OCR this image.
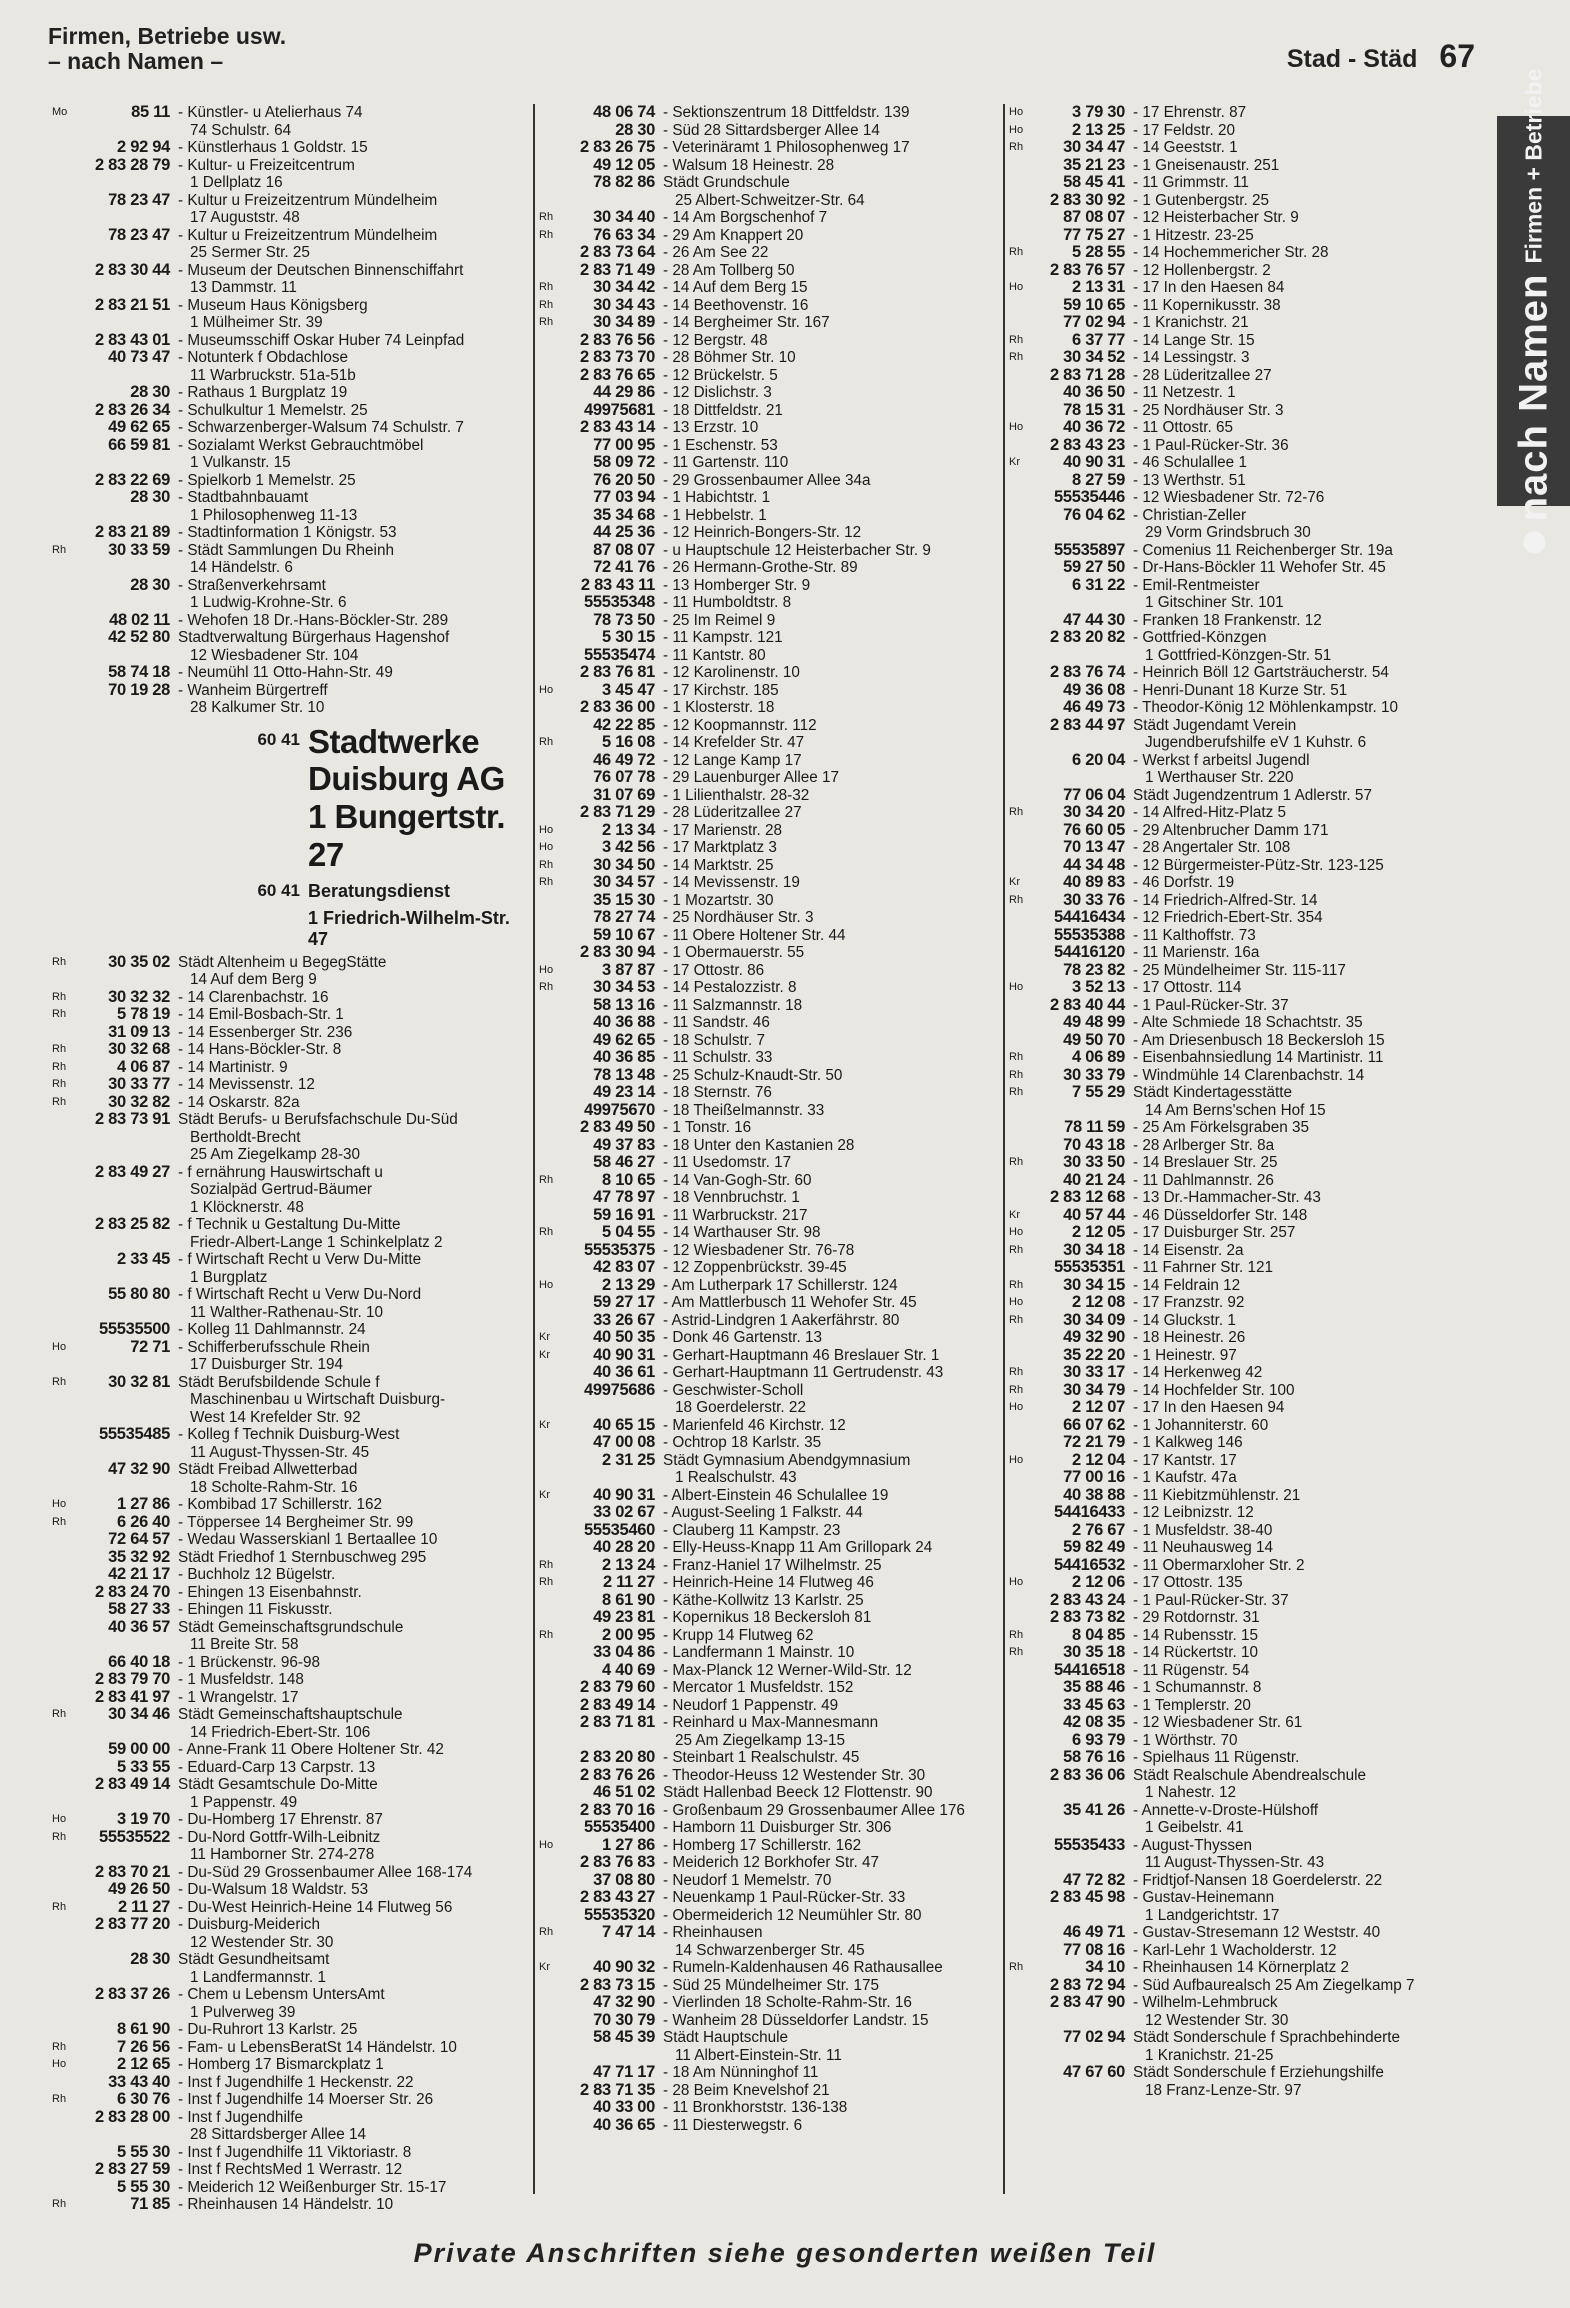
Firmen, Betriebe usw.
– nach Namen –	Stad - Städ 67
nach Namen
Firmen + Betriebe
Mo	85 11 - Künstler- u Atelierhaus 74
74 Schulstr. 64
2 92 94 - Künstlerhaus 1 Goldstr. 15
2 83 28 79 - Kultur- u Freizeitcentrum
1 Dellplatz 16
78 23 47 - Kultur u Freizeitzentrum Mündelheim
17 Auguststr. 48
78 23 47 - Kultur u Freizeitzentrum Mündelheim
25 Sermer Str. 25
2 83 30 44 - Museum der Deutschen Binnenschiffahrt
13 Dammstr. 11
2 83 21 51 - Museum Haus Königsberg
1 Mülheimer Str. 39
2 83 43 01 - Museumsschiff Oskar Huber 74 Leinpfad
40 73 47 - Notunterk f Obdachlose
11 Warbruckstr. 51a-51b
28 30 - Rathaus 1 Burgplatz 19
2 83 26 34 - Schulkultur 1 Memelstr. 25
49 62 65 - Schwarzenberger-Walsum 74 Schulstr. 7
66 59 81 - Sozialamt Werkst Gebrauchtmöbel
1 Vulkanstr. 15
2 83 22 69 - Spielkorb 1 Memelstr. 25
28 30 - Stadtbahnbauamt
1 Philosophenweg 11-13
2 83 21 89 - Stadtinformation 1 Königstr. 53
Rh	30 33 59 - Städt Sammlungen Du Rheinh
14 Händelstr. 6
28 30 - Straßenverkehrsamt
1 Ludwig-Krohne-Str. 6
48 02 11 - Wehofen 18 Dr.-Hans-Böckler-Str. 289
42 52 80 Stadtverwaltung Bürgerhaus Hagenshof
12 Wiesbadener Str. 104
58 74 18 - Neumühl 11 Otto-Hahn-Str. 49
70 19 28 - Wanheim Bürgertreff
28 Kalkumer Str. 10
60 41 Stadtwerke
Duisburg AG
1 Bungertstr. 27
60 41 Beratungsdienst
1 Friedrich-Wilhelm-Str. 47
Rh	30 35 02 Städt Altenheim u BegegStätte
14 Auf dem Berg 9
Rh	30 32 32 - 14 Clarenbachstr. 16
Rh	5 78 19 - 14 Emil-Bosbach-Str. 1
31 09 13 - 14 Essenberger Str. 236
Rh	30 32 68 - 14 Hans-Böckler-Str. 8
Rh	4 06 87 - 14 Martinistr. 9
Rh	30 33 77 - 14 Mevissenstr. 12
Rh	30 32 82 - 14 Oskarstr. 82a
2 83 73 91 Städt Berufs- u Berufsfachschule Du-Süd
Bertholdt-Brecht
25 Am Ziegelkamp 28-30
2 83 49 27 - f ernährung Hauswirtschaft u
Sozialpäd Gertrud-Bäumer
1 Klöcknerstr. 48
2 83 25 82 - f Technik u Gestaltung Du-Mitte
Friedr-Albert-Lange 1 Schinkelplatz 2
2 33 45 - f Wirtschaft Recht u Verw Du-Mitte
1 Burgplatz
55 80 80 - f Wirtschaft Recht u Verw Du-Nord
11 Walther-Rathenau-Str. 10
55535500 - Kolleg 11 Dahlmannstr. 24
Ho	72 71 - Schifferberufsschule Rhein
17 Duisburger Str. 194
Rh	30 32 81 Städt Berufsbildende Schule f
Maschinenbau u Wirtschaft Duisburg-
West 14 Krefelder Str. 92
55535485 - Kolleg f Technik Duisburg-West
11 August-Thyssen-Str. 45
47 32 90 Städt Freibad Allwetterbad
18 Scholte-Rahm-Str. 16
Ho	1 27 86 - Kombibad 17 Schillerstr. 162
Rh	6 26 40 - Töppersee 14 Bergheimer Str. 99
72 64 57 - Wedau Wasserskianl 1 Bertaallee 10
35 32 92 Städt Friedhof 1 Sternbuschweg 295
42 21 17 - Buchholz 12 Bügelstr.
2 83 24 70 - Ehingen 13 Eisenbahnstr.
58 27 33 - Ehingen 11 Fiskusstr.
40 36 57 Städt Gemeinschaftsgrundschule
11 Breite Str. 58
66 40 18 - 1 Brückenstr. 96-98
2 83 79 70 - 1 Musfeldstr. 148
2 83 41 97 - 1 Wrangelstr. 17
Rh	30 34 46 Städt Gemeinschaftshauptschule
14 Friedrich-Ebert-Str. 106
59 00 00 - Anne-Frank 11 Obere Holtener Str. 42
5 33 55 - Eduard-Carp 13 Carpstr. 13
2 83 49 14 Städt Gesamtschule Do-Mitte
1 Pappenstr. 49
Ho	3 19 70 - Du-Homberg 17 Ehrenstr. 87
Rh	55535522 - Du-Nord Gottfr-Wilh-Leibnitz
11 Hamborner Str. 274-278
2 83 70 21 - Du-Süd 29 Grossenbaumer Allee 168-174
49 26 50 - Du-Walsum 18 Waldstr. 53
Rh	2 11 27 - Du-West Heinrich-Heine 14 Flutweg 56
2 83 77 20 - Duisburg-Meiderich
12 Westender Str. 30
28 30 Städt Gesundheitsamt
1 Landfermannstr. 1
2 83 37 26 - Chem u Lebensm UntersAmt
1 Pulverweg 39
8 61 90 - Du-Ruhrort 13 Karlstr. 25
Rh	7 26 56 - Fam- u LebensBeratSt 14 Händelstr. 10
Ho	2 12 65 - Homberg 17 Bismarckplatz 1
33 43 40 - Inst f Jugendhilfe 1 Heckenstr. 22
Rh	6 30 76 - Inst f Jugendhilfe 14 Moerser Str. 26
2 83 28 00 - Inst f Jugendhilfe
28 Sittardsberger Allee 14
5 55 30 - Inst f Jugendhilfe 11 Viktoriastr. 8
2 83 27 59 - Inst f RechtsMed 1 Werrastr. 12
5 55 30 - Meiderich 12 Weißenburger Str. 15-17
Rh	71 85 - Rheinhausen 14 Händelstr. 10
48 06 74 - Sektionszentrum 18 Dittfeldstr. 139
28 30 - Süd 28 Sittardsberger Allee 14
2 83 26 75 - Veterinäramt 1 Philosophenweg 17
49 12 05 - Walsum 18 Heinestr. 28
78 82 86 Städt Grundschule
25 Albert-Schweitzer-Str. 64
Rh	30 34 40 - 14 Am Borgschenhof 7
Rh	76 63 34 - 29 Am Knappert 20
2 83 73 64 - 26 Am See 22
2 83 71 49 - 28 Am Tollberg 50
Rh	30 34 42 - 14 Auf dem Berg 15
Rh	30 34 43 - 14 Beethovenstr. 16
Rh	30 34 89 - 14 Bergheimer Str. 167
2 83 76 56 - 12 Bergstr. 48
2 83 73 70 - 28 Böhmer Str. 10
2 83 76 65 - 12 Brückelstr. 5
44 29 86 - 12 Dislichstr. 3
49975681 - 18 Dittfeldstr. 21
2 83 43 14 - 13 Erzstr. 10
77 00 95 - 1 Eschenstr. 53
58 09 72 - 11 Gartenstr. 110
76 20 50 - 29 Grossenbaumer Allee 34a
77 03 94 - 1 Habichtstr. 1
35 34 68 - 1 Hebbelstr. 1
44 25 36 - 12 Heinrich-Bongers-Str. 12
87 08 07 - u Hauptschule 12 Heisterbacher Str. 9
72 41 76 - 26 Hermann-Grothe-Str. 89
2 83 43 11 - 13 Homberger Str. 9
55535348 - 11 Humboldtstr. 8
78 73 50 - 25 Im Reimel 9
5 30 15 - 11 Kampstr. 121
55535474 - 11 Kantstr. 80
2 83 76 81 - 12 Karolinenstr. 10
Ho	3 45 47 - 17 Kirchstr. 185
2 83 36 00 - 1 Klosterstr. 18
42 22 85 - 12 Koopmannstr. 112
Rh	5 16 08 - 14 Krefelder Str. 47
46 49 72 - 12 Lange Kamp 17
76 07 78 - 29 Lauenburger Allee 17
31 07 69 - 1 Lilienthalstr. 28-32
2 83 71 29 - 28 Lüderitzallee 27
Ho	2 13 34 - 17 Marienstr. 28
Ho	3 42 56 - 17 Marktplatz 3
Rh	30 34 50 - 14 Marktstr. 25
Rh	30 34 57 - 14 Mevissenstr. 19
35 15 30 - 1 Mozartstr. 30
78 27 74 - 25 Nordhäuser Str. 3
59 10 67 - 11 Obere Holtener Str. 44
2 83 30 94 - 1 Obermauerstr. 55
Ho	3 87 87 - 17 Ottostr. 86
Rh	30 34 53 - 14 Pestalozzistr. 8
58 13 16 - 11 Salzmannstr. 18
40 36 88 - 11 Sandstr. 46
49 62 65 - 18 Schulstr. 7
40 36 85 - 11 Schulstr. 33
78 13 48 - 25 Schulz-Knaudt-Str. 50
49 23 14 - 18 Sternstr. 76
49975670 - 18 Theißelmannstr. 33
2 83 49 50 - 1 Tonstr. 16
49 37 83 - 18 Unter den Kastanien 28
58 46 27 - 11 Usedomstr. 17
Rh	8 10 65 - 14 Van-Gogh-Str. 60
47 78 97 - 18 Vennbruchstr. 1
59 16 91 - 11 Warbruckstr. 217
Rh	5 04 55 - 14 Warthauser Str. 98
55535375 - 12 Wiesbadener Str. 76-78
42 83 07 - 12 Zoppenbrückstr. 39-45
Ho	2 13 29 - Am Lutherpark 17 Schillerstr. 124
59 27 17 - Am Mattlerbusch 11 Wehofer Str. 45
33 26 67 - Astrid-Lindgren 1 Aakerfährstr. 80
Kr	40 50 35 - Donk 46 Gartenstr. 13
Kr	40 90 31 - Gerhart-Hauptmann 46 Breslauer Str. 1
40 36 61 - Gerhart-Hauptmann 11 Gertrudenstr. 43
49975686 - Geschwister-Scholl
18 Goerdelerstr. 22
Kr	40 65 15 - Marienfeld 46 Kirchstr. 12
47 00 08 - Ochtrop 18 Karlstr. 35
2 31 25 Städt Gymnasium Abendgymnasium
1 Realschulstr. 43
Kr	40 90 31 - Albert-Einstein 46 Schulallee 19
33 02 67 - August-Seeling 1 Falkstr. 44
55535460 - Clauberg 11 Kampstr. 23
40 28 20 - Elly-Heuss-Knapp 11 Am Grillopark 24
Rh	2 13 24 - Franz-Haniel 17 Wilhelmstr. 25
Rh	2 11 27 - Heinrich-Heine 14 Flutweg 46
8 61 90 - Käthe-Kollwitz 13 Karlstr. 25
49 23 81 - Kopernikus 18 Beckersloh 81
Rh	2 00 95 - Krupp 14 Flutweg 62
33 04 86 - Landfermann 1 Mainstr. 10
4 40 69 - Max-Planck 12 Werner-Wild-Str. 12
2 83 79 60 - Mercator 1 Musfeldstr. 152
2 83 49 14 - Neudorf 1 Pappenstr. 49
2 83 71 81 - Reinhard u Max-Mannesmann
25 Am Ziegelkamp 13-15
2 83 20 80 - Steinbart 1 Realschulstr. 45
2 83 76 26 - Theodor-Heuss 12 Westender Str. 30
46 51 02 Städt Hallenbad Beeck 12 Flottenstr. 90
2 83 70 16 - Großenbaum 29 Grossenbaumer Allee 176
55535400 - Hamborn 11 Duisburger Str. 306
Ho	1 27 86 - Homberg 17 Schillerstr. 162
2 83 76 83 - Meiderich 12 Borkhofer Str. 47
37 08 80 - Neudorf 1 Memelstr. 70
2 83 43 27 - Neuenkamp 1 Paul-Rücker-Str. 33
55535320 - Obermeiderich 12 Neumühler Str. 80
Rh	7 47 14 - Rheinhausen
14 Schwarzenberger Str. 45
Kr	40 90 32 - Rumeln-Kaldenhausen 46 Rathausallee
2 83 73 15 - Süd 25 Mündelheimer Str. 175
47 32 90 - Vierlinden 18 Scholte-Rahm-Str. 16
70 30 79 - Wanheim 28 Düsseldorfer Landstr. 15
58 45 39 Städt Hauptschule
11 Albert-Einstein-Str. 11
47 71 17 - 18 Am Nünninghof 11
2 83 71 35 - 28 Beim Knevelshof 21
40 33 00 - 11 Bronkhorststr. 136-138
40 36 65 - 11 Diesterwegstr. 6
Ho	3 79 30 - 17 Ehrenstr. 87
Ho	2 13 25 - 17 Feldstr. 20
Rh	30 34 47 - 14 Geeststr. 1
35 21 23 - 1 Gneisenaustr. 251
58 45 41 - 11 Grimmstr. 11
2 83 30 92 - 1 Gutenbergstr. 25
87 08 07 - 12 Heisterbacher Str. 9
77 75 27 - 1 Hitzestr. 23-25
Rh	5 28 55 - 14 Hochemmericher Str. 28
2 83 76 57 - 12 Hollenbergstr. 2
Ho	2 13 31 - 17 In den Haesen 84
59 10 65 - 11 Kopernikusstr. 38
77 02 94 - 1 Kranichstr. 21
Rh	6 37 77 - 14 Lange Str. 15
Rh	30 34 52 - 14 Lessingstr. 3
2 83 71 28 - 28 Lüderitzallee 27
40 36 50 - 11 Netzestr. 1
78 15 31 - 25 Nordhäuser Str. 3
Ho	40 36 72 - 11 Ottostr. 65
2 83 43 23 - 1 Paul-Rücker-Str. 36
Kr	40 90 31 - 46 Schulallee 1
8 27 59 - 13 Werthstr. 51
55535446 - 12 Wiesbadener Str. 72-76
76 04 62 - Christian-Zeller
29 Vorm Grindsbruch 30
55535897 - Comenius 11 Reichenberger Str. 19a
59 27 50 - Dr-Hans-Böckler 11 Wehofer Str. 45
6 31 22 - Emil-Rentmeister
1 Gitschiner Str. 101
47 44 30 - Franken 18 Frankenstr. 12
2 83 20 82 - Gottfried-Könzgen
1 Gottfried-Könzgen-Str. 51
2 83 76 74 - Heinrich Böll 12 Gartsträucherstr. 54
49 36 08 - Henri-Dunant 18 Kurze Str. 51
46 49 73 - Theodor-König 12 Möhlenkampstr. 10
2 83 44 97 Städt Jugendamt Verein
Jugendberufshilfe eV 1 Kuhstr. 6
6 20 04 - Werkst f arbeitsl Jugendl
1 Werthauser Str. 220
77 06 04 Städt Jugendzentrum 1 Adlerstr. 57
Rh	30 34 20 - 14 Alfred-Hitz-Platz 5
76 60 05 - 29 Altenbrucher Damm 171
70 13 47 - 28 Angertaler Str. 108
44 34 48 - 12 Bürgermeister-Pütz-Str. 123-125
Kr	40 89 83 - 46 Dorfstr. 19
Rh	30 33 76 - 14 Friedrich-Alfred-Str. 14
54416434 - 12 Friedrich-Ebert-Str. 354
55535388 - 11 Kalthoffstr. 73
54416120 - 11 Marienstr. 16a
78 23 82 - 25 Mündelheimer Str. 115-117
Ho	3 52 13 - 17 Ottostr. 114
2 83 40 44 - 1 Paul-Rücker-Str. 37
49 48 99 - Alte Schmiede 18 Schachtstr. 35
49 50 70 - Am Driesenbusch 18 Beckersloh 15
Rh	4 06 89 - Eisenbahnsiedlung 14 Martinistr. 11
Rh	30 33 79 - Windmühle 14 Clarenbachstr. 14
Rh	7 55 29 Städt Kindertagesstätte
14 Am Berns'schen Hof 15
78 11 59 - 25 Am Förkelsgraben 35
70 43 18 - 28 Arlberger Str. 8a
Rh	30 33 50 - 14 Breslauer Str. 25
40 21 24 - 11 Dahlmannstr. 26
2 83 12 68 - 13 Dr.-Hammacher-Str. 43
Kr	40 57 44 - 46 Düsseldorfer Str. 148
Ho	2 12 05 - 17 Duisburger Str. 257
Rh	30 34 18 - 14 Eisenstr. 2a
55535351 - 11 Fahrner Str. 121
Rh	30 34 15 - 14 Feldrain 12
Ho	2 12 08 - 17 Franzstr. 92
Rh	30 34 09 - 14 Gluckstr. 1
49 32 90 - 18 Heinestr. 26
35 22 20 - 1 Heinestr. 97
Rh	30 33 17 - 14 Herkenweg 42
Rh	30 34 79 - 14 Hochfelder Str. 100
Ho	2 12 07 - 17 In den Haesen 94
66 07 62 - 1 Johanniterstr. 60
72 21 79 - 1 Kalkweg 146
Ho	2 12 04 - 17 Kantstr. 17
77 00 16 - 1 Kaufstr. 47a
40 38 88 - 11 Kiebitzmühlenstr. 21
54416433 - 12 Leibnizstr. 12
2 76 67 - 1 Musfeldstr. 38-40
59 82 49 - 11 Neuhausweg 14
54416532 - 11 Obermarxloher Str. 2
Ho	2 12 06 - 17 Ottostr. 135
2 83 43 24 - 1 Paul-Rücker-Str. 37
2 83 73 82 - 29 Rotdornstr. 31
Rh	8 04 85 - 14 Rubensstr. 15
Rh	30 35 18 - 14 Rückertstr. 10
54416518 - 11 Rügenstr. 54
35 88 46 - 1 Schumannstr. 8
33 45 63 - 1 Templerstr. 20
42 08 35 - 12 Wiesbadener Str. 61
6 93 79 - 1 Wörthstr. 70
58 76 16 - Spielhaus 11 Rügenstr.
2 83 36 06 Städt Realschule Abendrealschule
1 Nahestr. 12
35 41 26 - Annette-v-Droste-Hülshoff
1 Geibelstr. 41
55535433 - August-Thyssen
11 August-Thyssen-Str. 43
47 72 82 - Fridtjof-Nansen 18 Goerdelerstr. 22
2 83 45 98 - Gustav-Heinemann
1 Landgerichtstr. 17
46 49 71 - Gustav-Stresemann 12 Weststr. 40
77 08 16 - Karl-Lehr 1 Wacholderstr. 12
Rh	34 10 - Rheinhausen 14 Körnerplatz 2
2 83 72 94 - Süd Aufbaurealsch 25 Am Ziegelkamp 7
2 83 47 90 - Wilhelm-Lehmbruck
12 Westender Str. 30
77 02 94 Städt Sonderschule f Sprachbehinderte
1 Kranichstr. 21-25
47 67 60 Städt Sonderschule f Erziehungshilfe
18 Franz-Lenze-Str. 97
Private Anschriften siehe gesonderten weißen Teil
